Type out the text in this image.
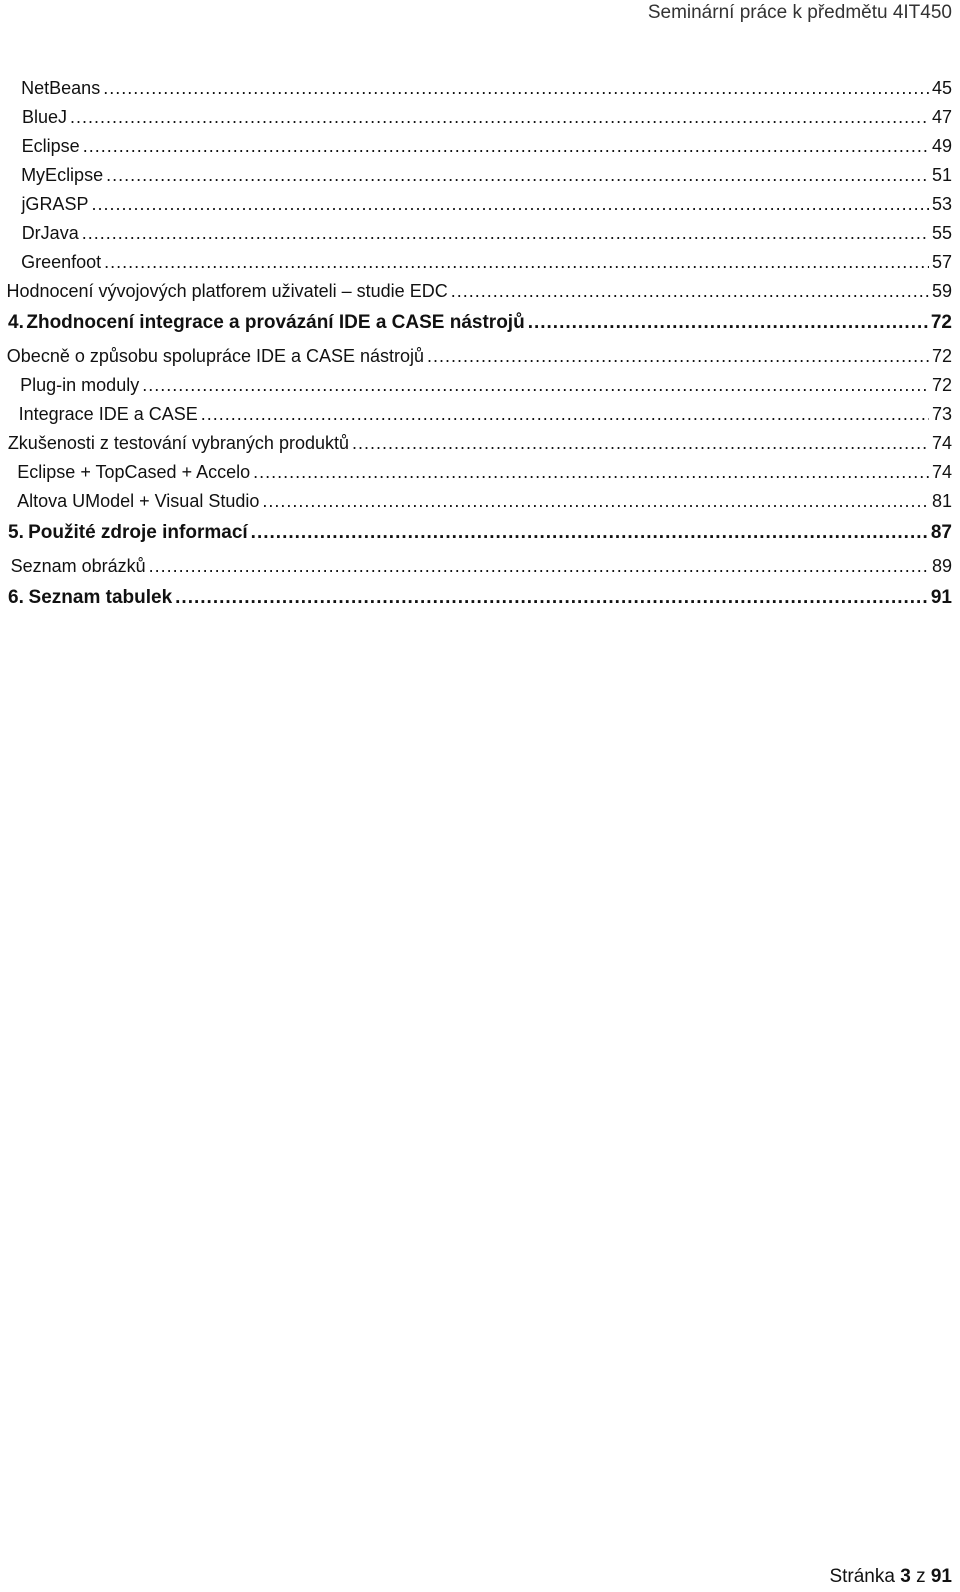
Seminární práce k předmětu 4IT450
NetBeans .....	45
BlueJ .....	47
Eclipse .....	49
MyEclipse .....	51
jGRASP .....	53
DrJava .....	55
Greenfoot .....	57
Hodnocení vývojových platforem uživateli – studie EDC .....	59
4. Zhodnocení integrace a provázání IDE a CASE nástrojů .....	72
Obecně o způsobu spolupráce IDE a CASE nástrojů .....	72
Plug-in moduly .....	72
Integrace IDE a CASE .....	73
Zkušenosti z testování vybraných produktů .....	74
Eclipse + TopCased + Accelo .....	74
Altova UModel + Visual Studio .....	81
5. Použité zdroje informací .....	87
Seznam obrázků .....	89
6. Seznam tabulek .....	91
Stránka 3 z 91
